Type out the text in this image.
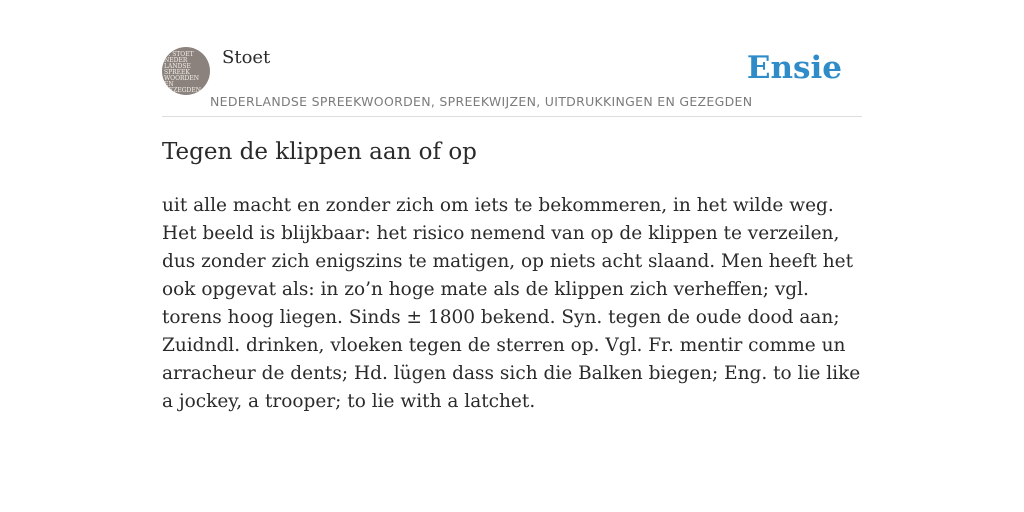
C. STOET
NEDER
LANDSE
SPREEK
WOORDEN EN
GEZEGDEN
Stoet	Ensie
NEDERLANDSE SPREEKWOORDEN, SPREEKWIJZEN, UITDRUKKINGEN EN GEZEGDEN
Tegen de klippen aan of op

uit alle macht en zonder zich om iets te bekommeren, in het wilde weg. Het beeld is blijkbaar: het risico nemend van op de klippen te verzeilen, dus zonder zich enigszins te matigen, op niets acht slaand. Men heeft het ook opgevat als: in zo’n hoge mate als de klippen zich verheffen; vgl. torens hoog liegen. Sinds ± 1800 bekend. Syn. tegen de oude dood aan; Zuidndl. drinken, vloeken tegen de sterren op. Vgl. Fr. mentir comme un arracheur de dents; Hd. lügen dass sich die Balken biegen; Eng. to lie like a jockey, a trooper; to lie with a latchet.
